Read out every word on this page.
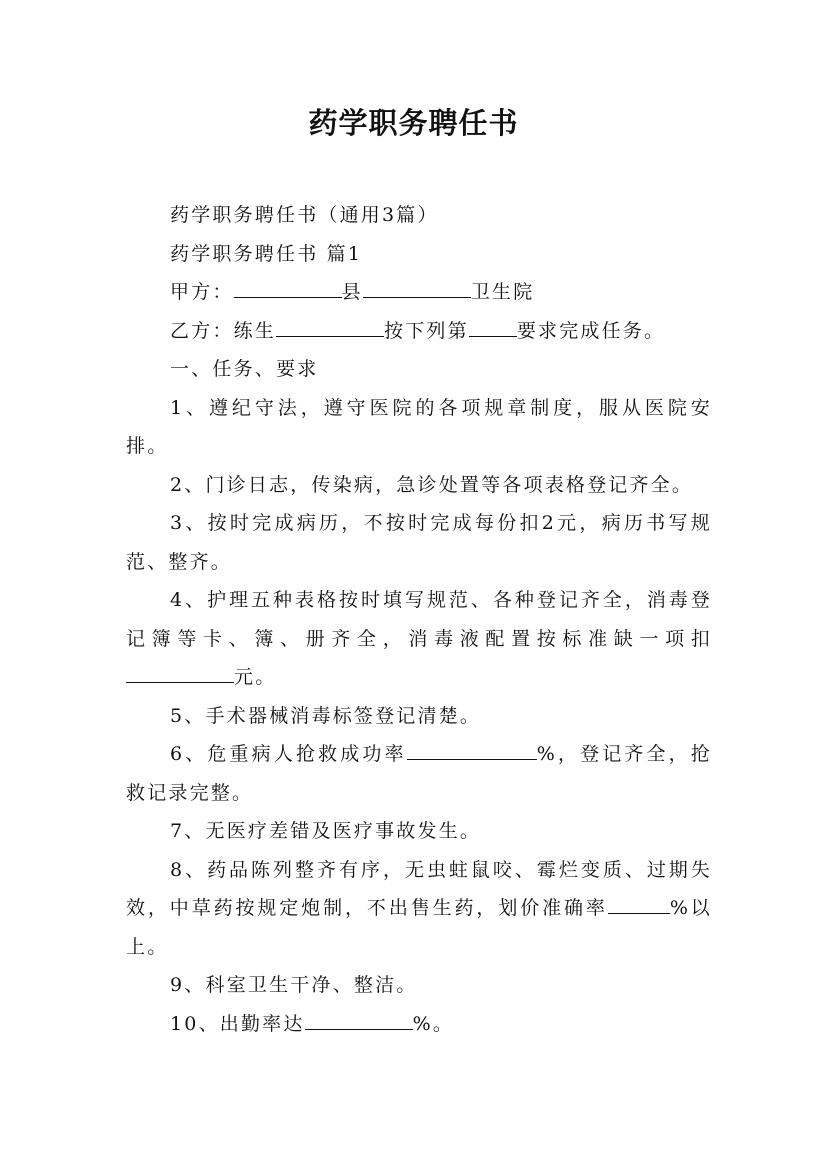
药学职务聘任书

药学职务聘任书（通用3篇）

药学职务聘任书 篇1

甲方：	县	卫生院

乙方：练生	按下列第	要求完成任务。

一、任务、要求

1、遵纪守法，遵守医院的各项规章制度，服从医院安排。

2、门诊日志，传染病，急诊处置等各项表格登记齐全。

3、按时完成病历，不按时完成每份扣2元，病历书写规范、整齐。

4、护理五种表格按时填写规范、各种登记齐全，消毒登记簿等卡、簿、册齐全，消毒液配置按标准缺一项扣元。

5、手术器械消毒标签登记清楚。

6、危重病人抢救成功率	%，登记齐全，抢救记录完整。

7、无医疗差错及医疗事故发生。

8、药品陈列整齐有序，无虫蛀鼠咬、霉烂变质、过期失效，中草药按规定炮制，不出售生药，划价准确率	%以上。

9、科室卫生干净、整洁。

10、出勤率达	%。
